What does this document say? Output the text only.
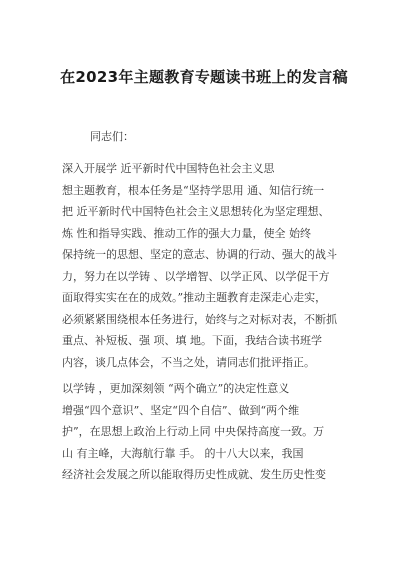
在2023年主题教育专题读书班上的发言稿
同志们：
深入开展学 近平新时代中国特色社会主义思
想主题教育，根本任务是“坚持学思用 通、知信行统一
把 近平新时代中国特色社会主义思想转化为坚定理想、
炼 性和指导实践、推动工作的强大力量，使全 始终
保持统一的思想、坚定的意志、协调的行动、强大的战斗
力，努力在以学铸 、以学增智、以学正风、以学促干方
面取得实实在在的成效。”推动主题教育走深走心走实，
必须紧紧围绕根本任务进行，始终与之对标对表，不断抓
重点、补短板、强 项、填 地。下面，我结合读书班学
内容，谈几点体会，不当之处，请同志们批评指正。
以学铸 ，更加深刻领 “两个确立”的决定性意义
增强“四个意识”、坚定“四个自信”、做到“两个维
护”，在思想上政治上行动上同 中央保持高度一致。万
山 有主峰，大海航行靠 手。 的十八大以来，我国
经济社会发展之所以能取得历史性成就、发生历史性变
